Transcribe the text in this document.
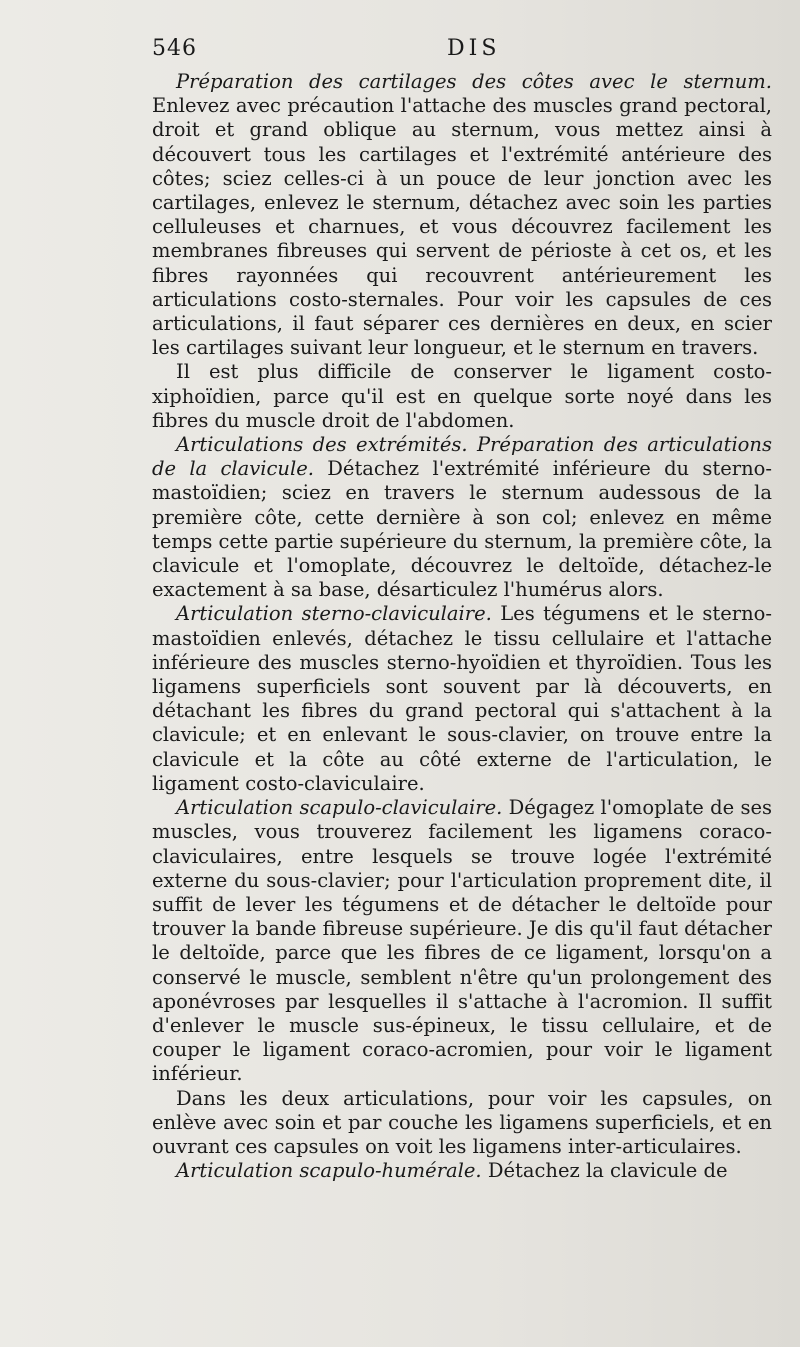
546	DIS

Préparation des cartilages des côtes avec le sternum. Enlevez avec précaution l'attache des muscles grand pectoral, droit et grand oblique au sternum, vous mettez ainsi à découvert tous les cartilages et l'extrémité antérieure des côtes; sciez celles-ci à un pouce de leur jonction avec les cartilages, enlevez le sternum, détachez avec soin les parties celluleuses et charnues, et vous découvrez facilement les membranes fibreuses qui servent de périoste à cet os, et les fibres rayonnées qui recouvrent antérieurement les articulations costo-sternales. Pour voir les capsules de ces articulations, il faut séparer ces dernières en deux, en scier les cartilages suivant leur longueur, et le sternum en travers.

Il est plus difficile de conserver le ligament costo-xiphoïdien, parce qu'il est en quelque sorte noyé dans les fibres du muscle droit de l'abdomen.

Articulations des extrémités. Préparation des articulations de la clavicule. Détachez l'extrémité inférieure du sterno-mastoïdien; sciez en travers le sternum audessous de la première côte, cette dernière à son col; enlevez en même temps cette partie supérieure du sternum, la première côte, la clavicule et l'omoplate, découvrez le deltoïde, détachez-le exactement à sa base, désarticulez l'humérus alors.

Articulation sterno-claviculaire. Les tégumens et le sterno-mastoïdien enlevés, détachez le tissu cellulaire et l'attache inférieure des muscles sterno-hyoïdien et thyroïdien. Tous les ligamens superficiels sont souvent par là découverts, en détachant les fibres du grand pectoral qui s'attachent à la clavicule; et en enlevant le sous-clavier, on trouve entre la clavicule et la côte au côté externe de l'articulation, le ligament costo-claviculaire.

Articulation scapulo-claviculaire. Dégagez l'omoplate de ses muscles, vous trouverez facilement les ligamens coraco-claviculaires, entre lesquels se trouve logée l'extrémité externe du sous-clavier; pour l'articulation proprement dite, il suffit de lever les tégumens et de détacher le deltoïde pour trouver la bande fibreuse supérieure. Je dis qu'il faut détacher le deltoïde, parce que les fibres de ce ligament, lorsqu'on a conservé le muscle, semblent n'être qu'un prolongement des aponévroses par lesquelles il s'attache à l'acromion. Il suffit d'enlever le muscle sus-épineux, le tissu cellulaire, et de couper le ligament coraco-acromien, pour voir le ligament inférieur.

Dans les deux articulations, pour voir les capsules, on enlève avec soin et par couche les ligamens superficiels, et en ouvrant ces capsules on voit les ligamens inter-articulaires.

Articulation scapulo-humérale. Détachez la clavicule de
